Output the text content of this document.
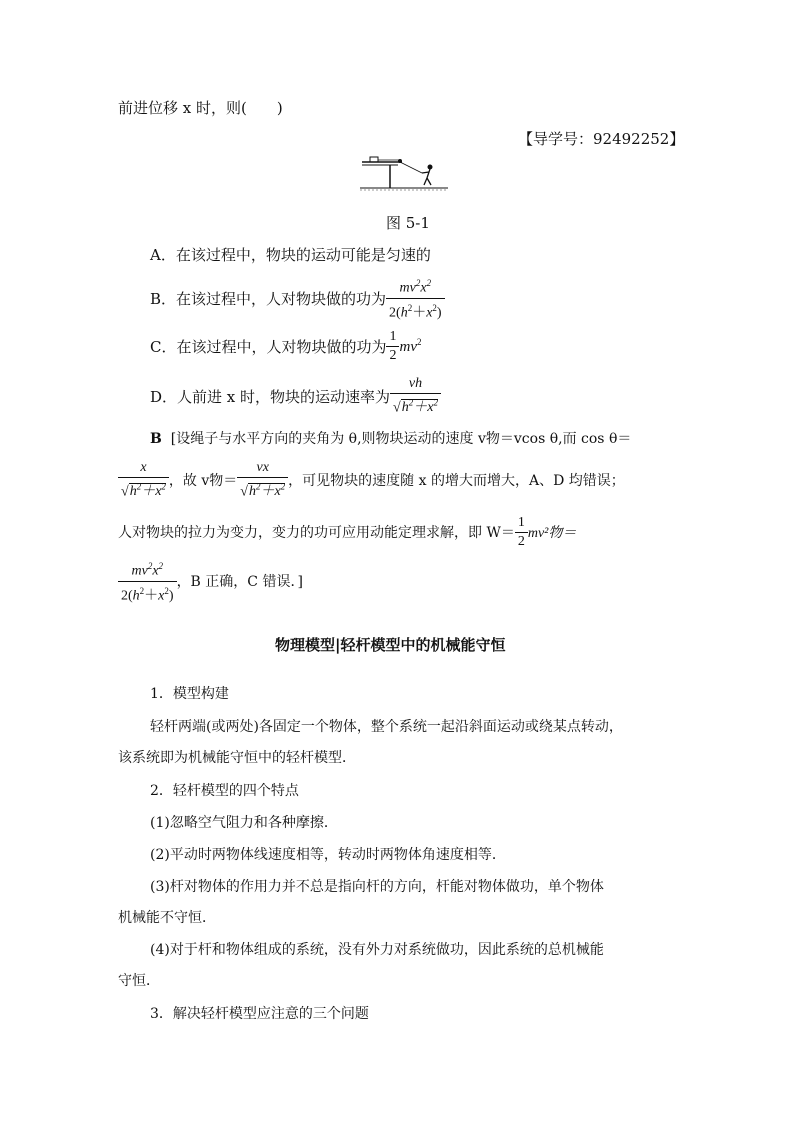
前进位移 x 时，则(　　)
【导学号：92492252】
图 5-1
A．在该过程中，物块的运动可能是匀速的
B．在该过程中，人对物块做的功为 $\frac{mv^2x^2}{2(h^2+x^2)}$
C．在该过程中，人对物块做的功为 $\frac{1}{2} mv^2$
D．人前进 x 时，物块的运动速率为 $\frac{vh}{√h^2+x^2}$
B [设绳子与水平方向的夹角为 θ,则物块运动的速度 v物＝vcos θ,而 cos θ＝
$\frac{x}{√h^2+x^2}$ ，故 v物＝ $\frac{vx}{√h^2+x^2}$ ，可见物块的速度随 x 的增大而增大，A、D 均错误；
人对物块的拉力为变力，变力的功可应用动能定理求解，即 $W= \frac{1}{2} mv^2$物＝
$\frac{mv^2x^2}{2(h^2+x^2)}$ ，B 正确，C 错误．]
物理模型|轻杆模型中的机械能守恒
1．模型构建
轻杆两端(或两处)各固定一个物体，整个系统一起沿斜面运动或绕某点转动，
该系统即为机械能守恒中的轻杆模型．
2．轻杆模型的四个特点
(1)忽略空气阻力和各种摩擦．
(2)平动时两物体线速度相等，转动时两物体角速度相等．
(3)杆对物体的作用力并不总是指向杆的方向，杆能对物体做功，单个物体
机械能不守恒．
(4)对于杆和物体组成的系统，没有外力对系统做功，因此系统的总机械能
守恒．
3．解决轻杆模型应注意的三个问题
